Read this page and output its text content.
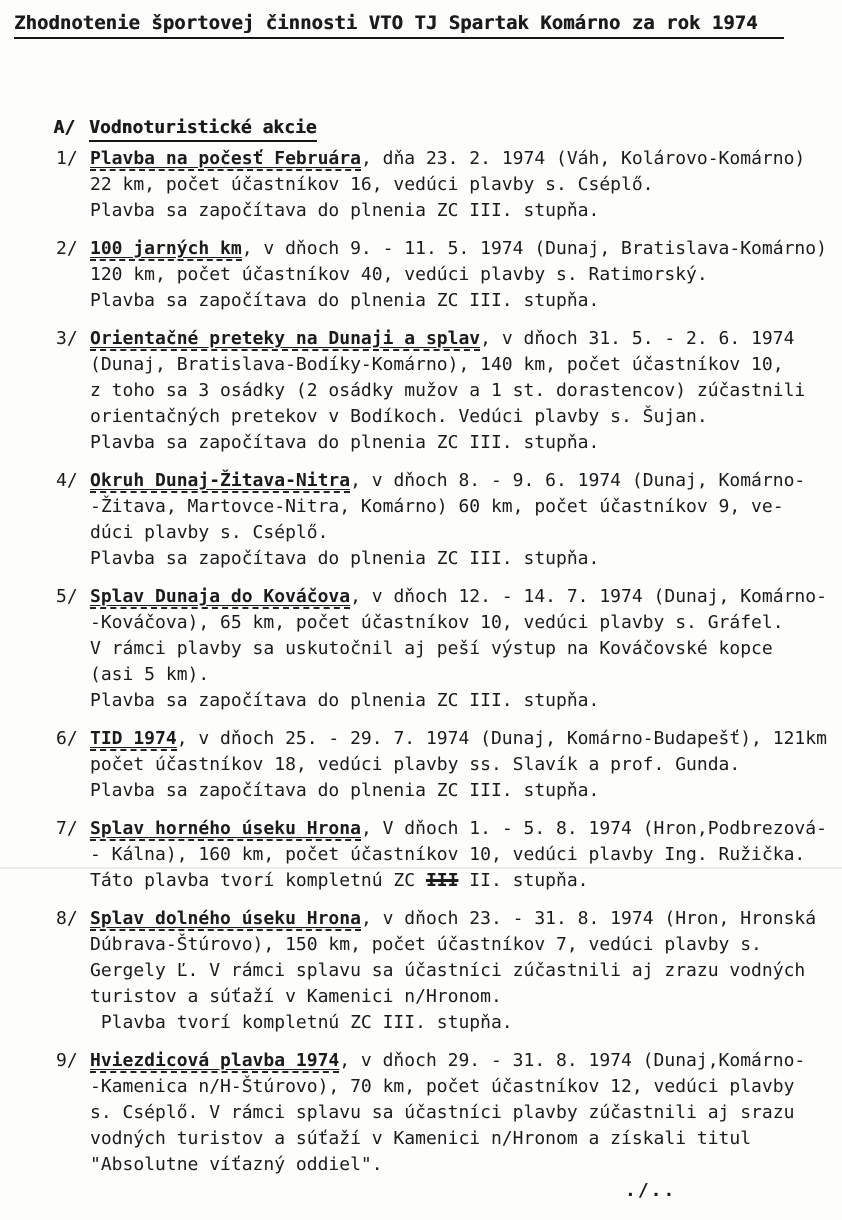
Zhodnotenie športovej činnosti VTO TJ Spartak Komárno za rok 1974

A/ Vodnoturistické akcie

1/ Plavba na počesť Februára, dňa 23. 2. 1974 (Váh, Kolárovo-Komárno)
22 km, počet účastníkov 16, vedúci plavby s. Cséplő.
Plavba sa započítava do plnenia ZC III. stupňa.
2/ 100 jarných km, v dňoch 9. - 11. 5. 1974 (Dunaj, Bratislava-Komárno)
120 km, počet účastníkov 40, vedúci plavby s. Ratimorský.
Plavba sa započítava do plnenia ZC III. stupňa.
3/ Orientačné preteky na Dunaji a splav, v dňoch 31. 5. - 2. 6. 1974
(Dunaj, Bratislava-Bodíky-Komárno), 140 km, počet účastníkov 10,
z toho sa 3 osádky (2 osádky mužov a 1 st. dorastencov) zúčastnili
orientačných pretekov v Bodíkoch. Vedúci plavby s. Šujan.
Plavba sa započítava do plnenia ZC III. stupňa.
4/ Okruh Dunaj-Žitava-Nitra, v dňoch 8. - 9. 6. 1974 (Dunaj, Komárno-
-Žitava, Martovce-Nitra, Komárno) 60 km, počet účastníkov 9, ve-
dúci plavby s. Cséplő.
Plavba sa započítava do plnenia ZC III. stupňa.
5/ Splav Dunaja do Kováčova, v dňoch 12. - 14. 7. 1974 (Dunaj, Komárno-
-Kováčova), 65 km, počet účastníkov 10, vedúci plavby s. Gráfel.
V rámci plavby sa uskutočnil aj peší výstup na Kováčovské kopce
(asi 5 km).
Plavba sa započítava do plnenia ZC III. stupňa.
6/ TID 1974, v dňoch 25. - 29. 7. 1974 (Dunaj, Komárno-Budapešť), 121km
počet účastníkov 18, vedúci plavby ss. Slavík a prof. Gunda.
Plavba sa započítava do plnenia ZC III. stupňa.
7/ Splav horného úseku Hrona, V dňoch 1. - 5. 8. 1974 (Hron,Podbrezová-
- Kálna), 160 km, počet účastníkov 10, vedúci plavby Ing. Ružička.
Táto plavba tvorí kompletnú ZC III II. stupňa.
8/ Splav dolného úseku Hrona, v dňoch 23. - 31. 8. 1974 (Hron, Hronská
Dúbrava-Štúrovo), 150 km, počet účastníkov 7, vedúci plavby s.
Gergely Ľ. V rámci splavu sa účastníci zúčastnili aj zrazu vodných
turistov a súťaží v Kamenici n/Hronom.
Plavba tvorí kompletnú ZC III. stupňa.
9/ Hviezdicová plavba 1974, v dňoch 29. - 31. 8. 1974 (Dunaj,Komárno-
-Kamenica n/H-Štúrovo), 70 km, počet účastníkov 12, vedúci plavby
s. Cséplő. V rámci splavu sa účastníci plavby zúčastnili aj srazu
vodných turistov a súťaží v Kamenici n/Hronom a získali titul
"Absolutne víťazný oddiel".
./..
